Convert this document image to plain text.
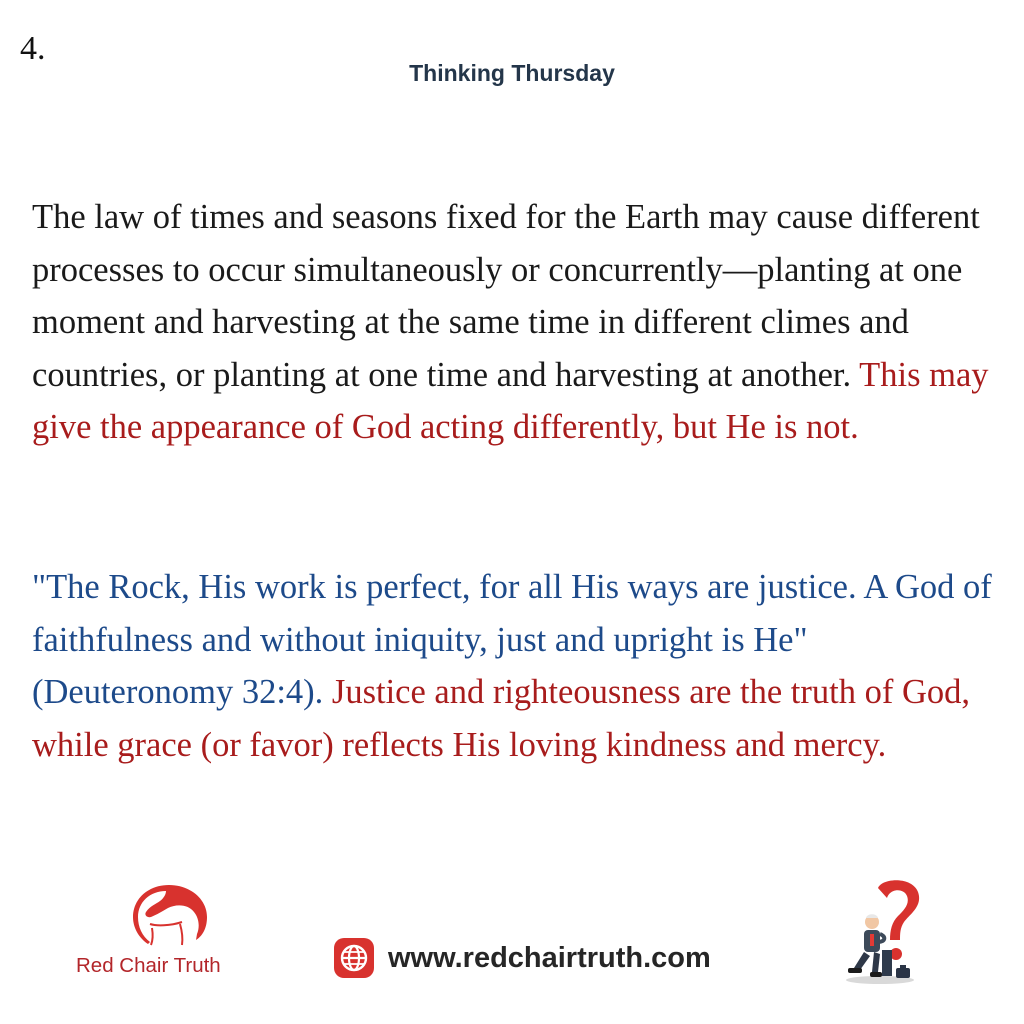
4.
Thinking Thursday

The law of times and seasons fixed for the Earth may cause different processes to occur simultaneously or concurrently—planting at one moment and harvesting at the same time in different climes and countries, or planting at one time and harvesting at another. This may give the appearance of God acting differently, but He is not.

"The Rock, His work is perfect, for all His ways are justice. A God of faithfulness and without iniquity, just and upright is He" (Deuteronomy 32:4). Justice and righteousness are the truth of God, while grace (or favor) reflects His loving kindness and mercy.

Red Chair Truth	www.redchairtruth.com
